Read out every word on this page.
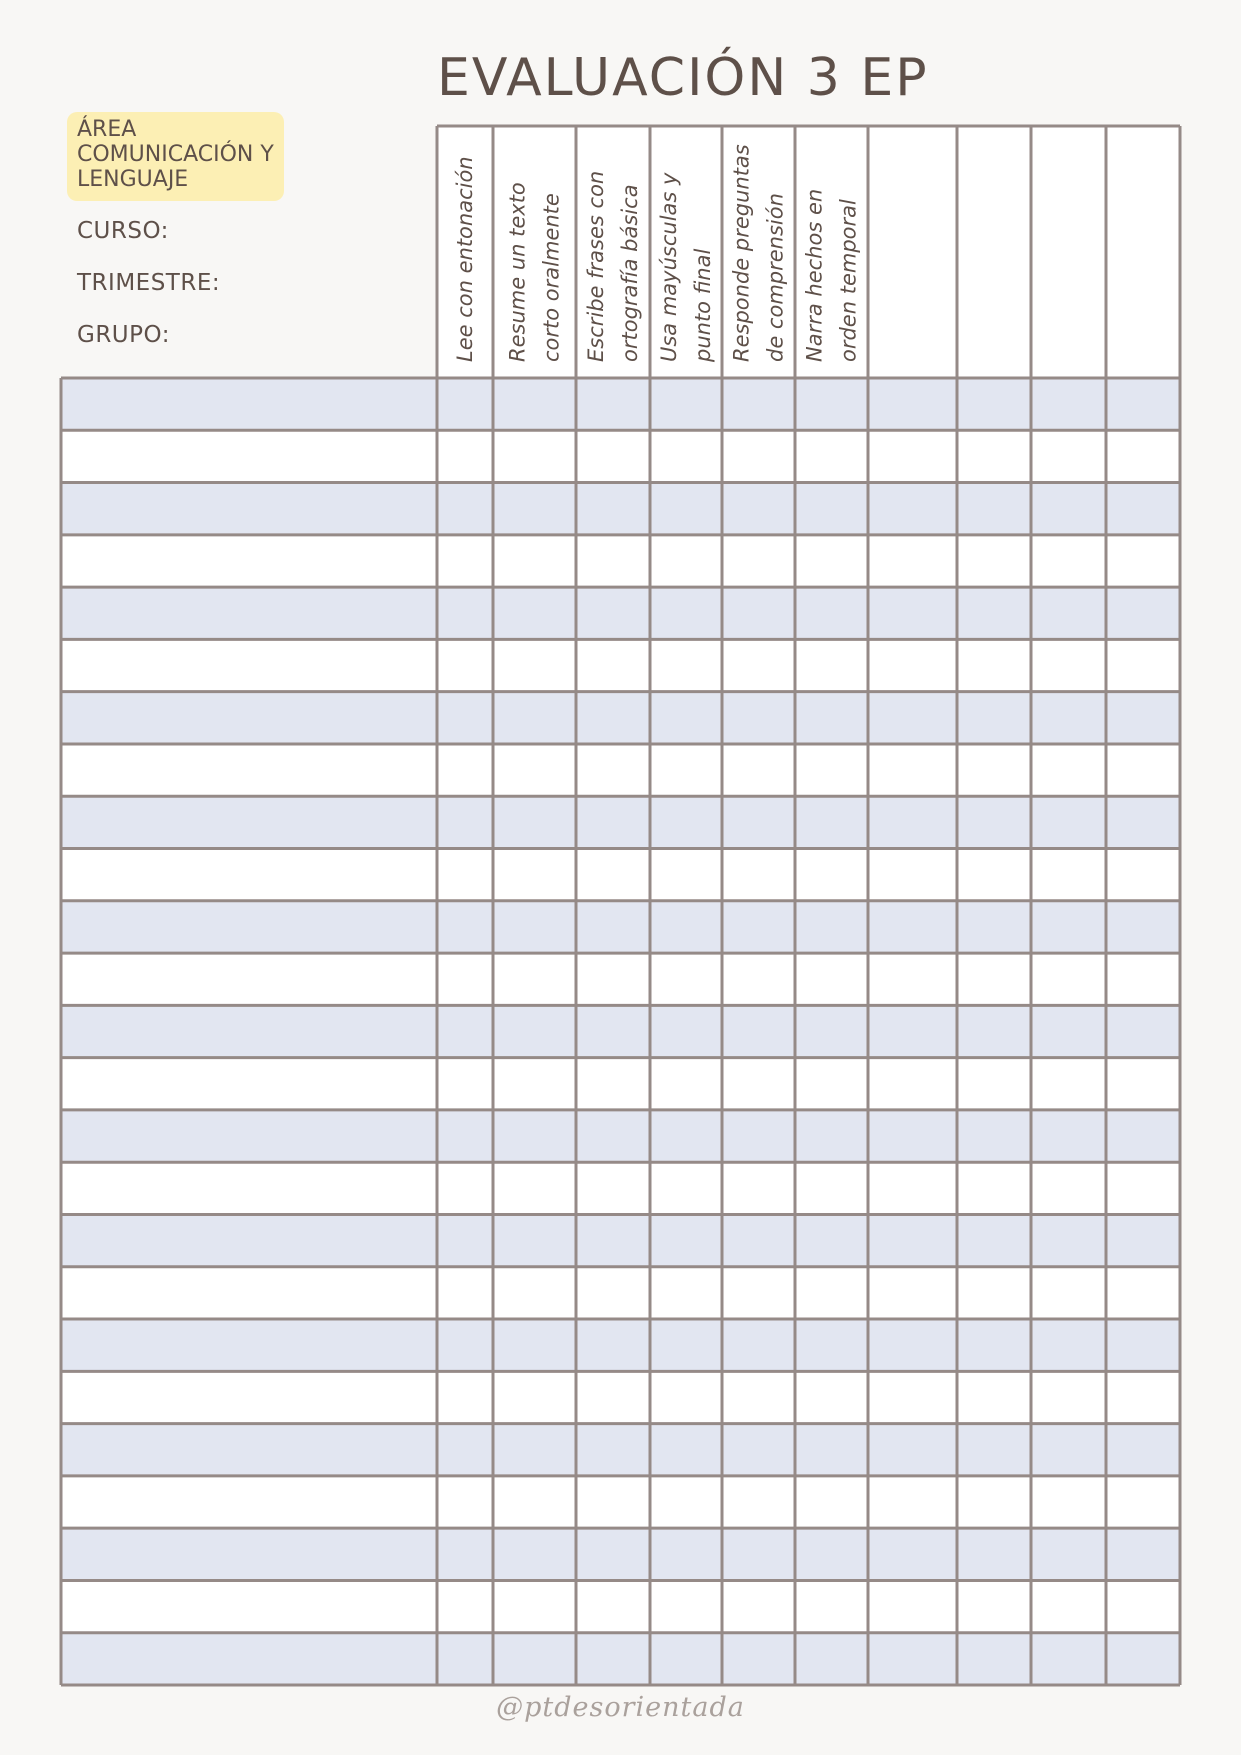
EVALUACIÓN 3 EP
ÁREA
COMUNICACIÓN Y
LENGUAJE

CURSO:

TRIMESTRE:

GRUPO:	Lee con entonación Resume un texto corto oralmente Escribe frases con ortografía básica Usa mayúsculas y punto final Responde preguntas de comprensión Narra hechos en orden temporal
@ptdesorientada
